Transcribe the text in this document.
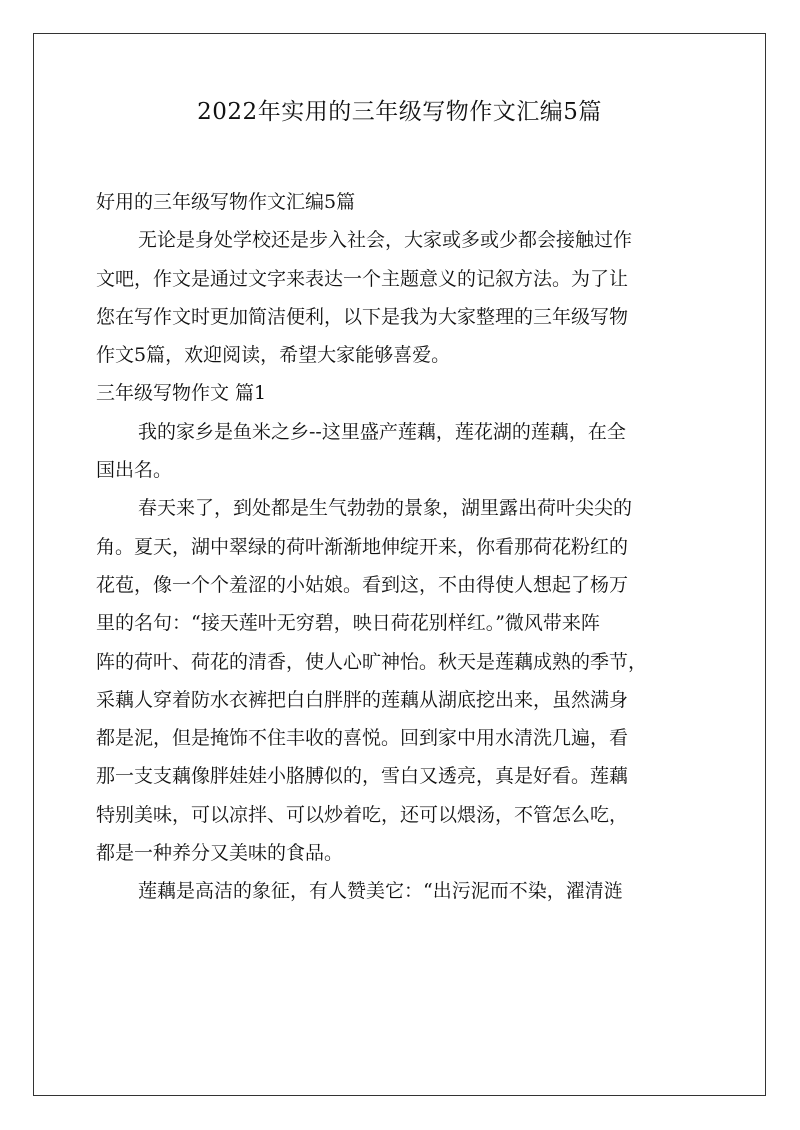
2022年实用的三年级写物作文汇编5篇
好用的三年级写物作文汇编5篇
无论是身处学校还是步入社会，大家或多或少都会接触过作
文吧，作文是通过文字来表达一个主题意义的记叙方法。为了让
您在写作文时更加简洁便利，以下是我为大家整理的三年级写物
作文5篇，欢迎阅读，希望大家能够喜爱。
三年级写物作文 篇1
我的家乡是鱼米之乡--这里盛产莲藕，莲花湖的莲藕，在全
国出名。
春天来了，到处都是生气勃勃的景象，湖里露出荷叶尖尖的
角。夏天，湖中翠绿的荷叶渐渐地伸绽开来，你看那荷花粉红的
花苞，像一个个羞涩的小姑娘。看到这，不由得使人想起了杨万
里的名句：“接天莲叶无穷碧，映日荷花别样红。”微风带来阵
阵的荷叶、荷花的清香，使人心旷神怡。秋天是莲藕成熟的季节，
采藕人穿着防水衣裤把白白胖胖的莲藕从湖底挖出来，虽然满身
都是泥，但是掩饰不住丰收的喜悦。回到家中用水清洗几遍，看
那一支支藕像胖娃娃小胳膊似的，雪白又透亮，真是好看。莲藕
特别美味，可以凉拌、可以炒着吃，还可以煨汤，不管怎么吃，
都是一种养分又美味的食品。
莲藕是高洁的象征，有人赞美它：“出污泥而不染，濯清涟
